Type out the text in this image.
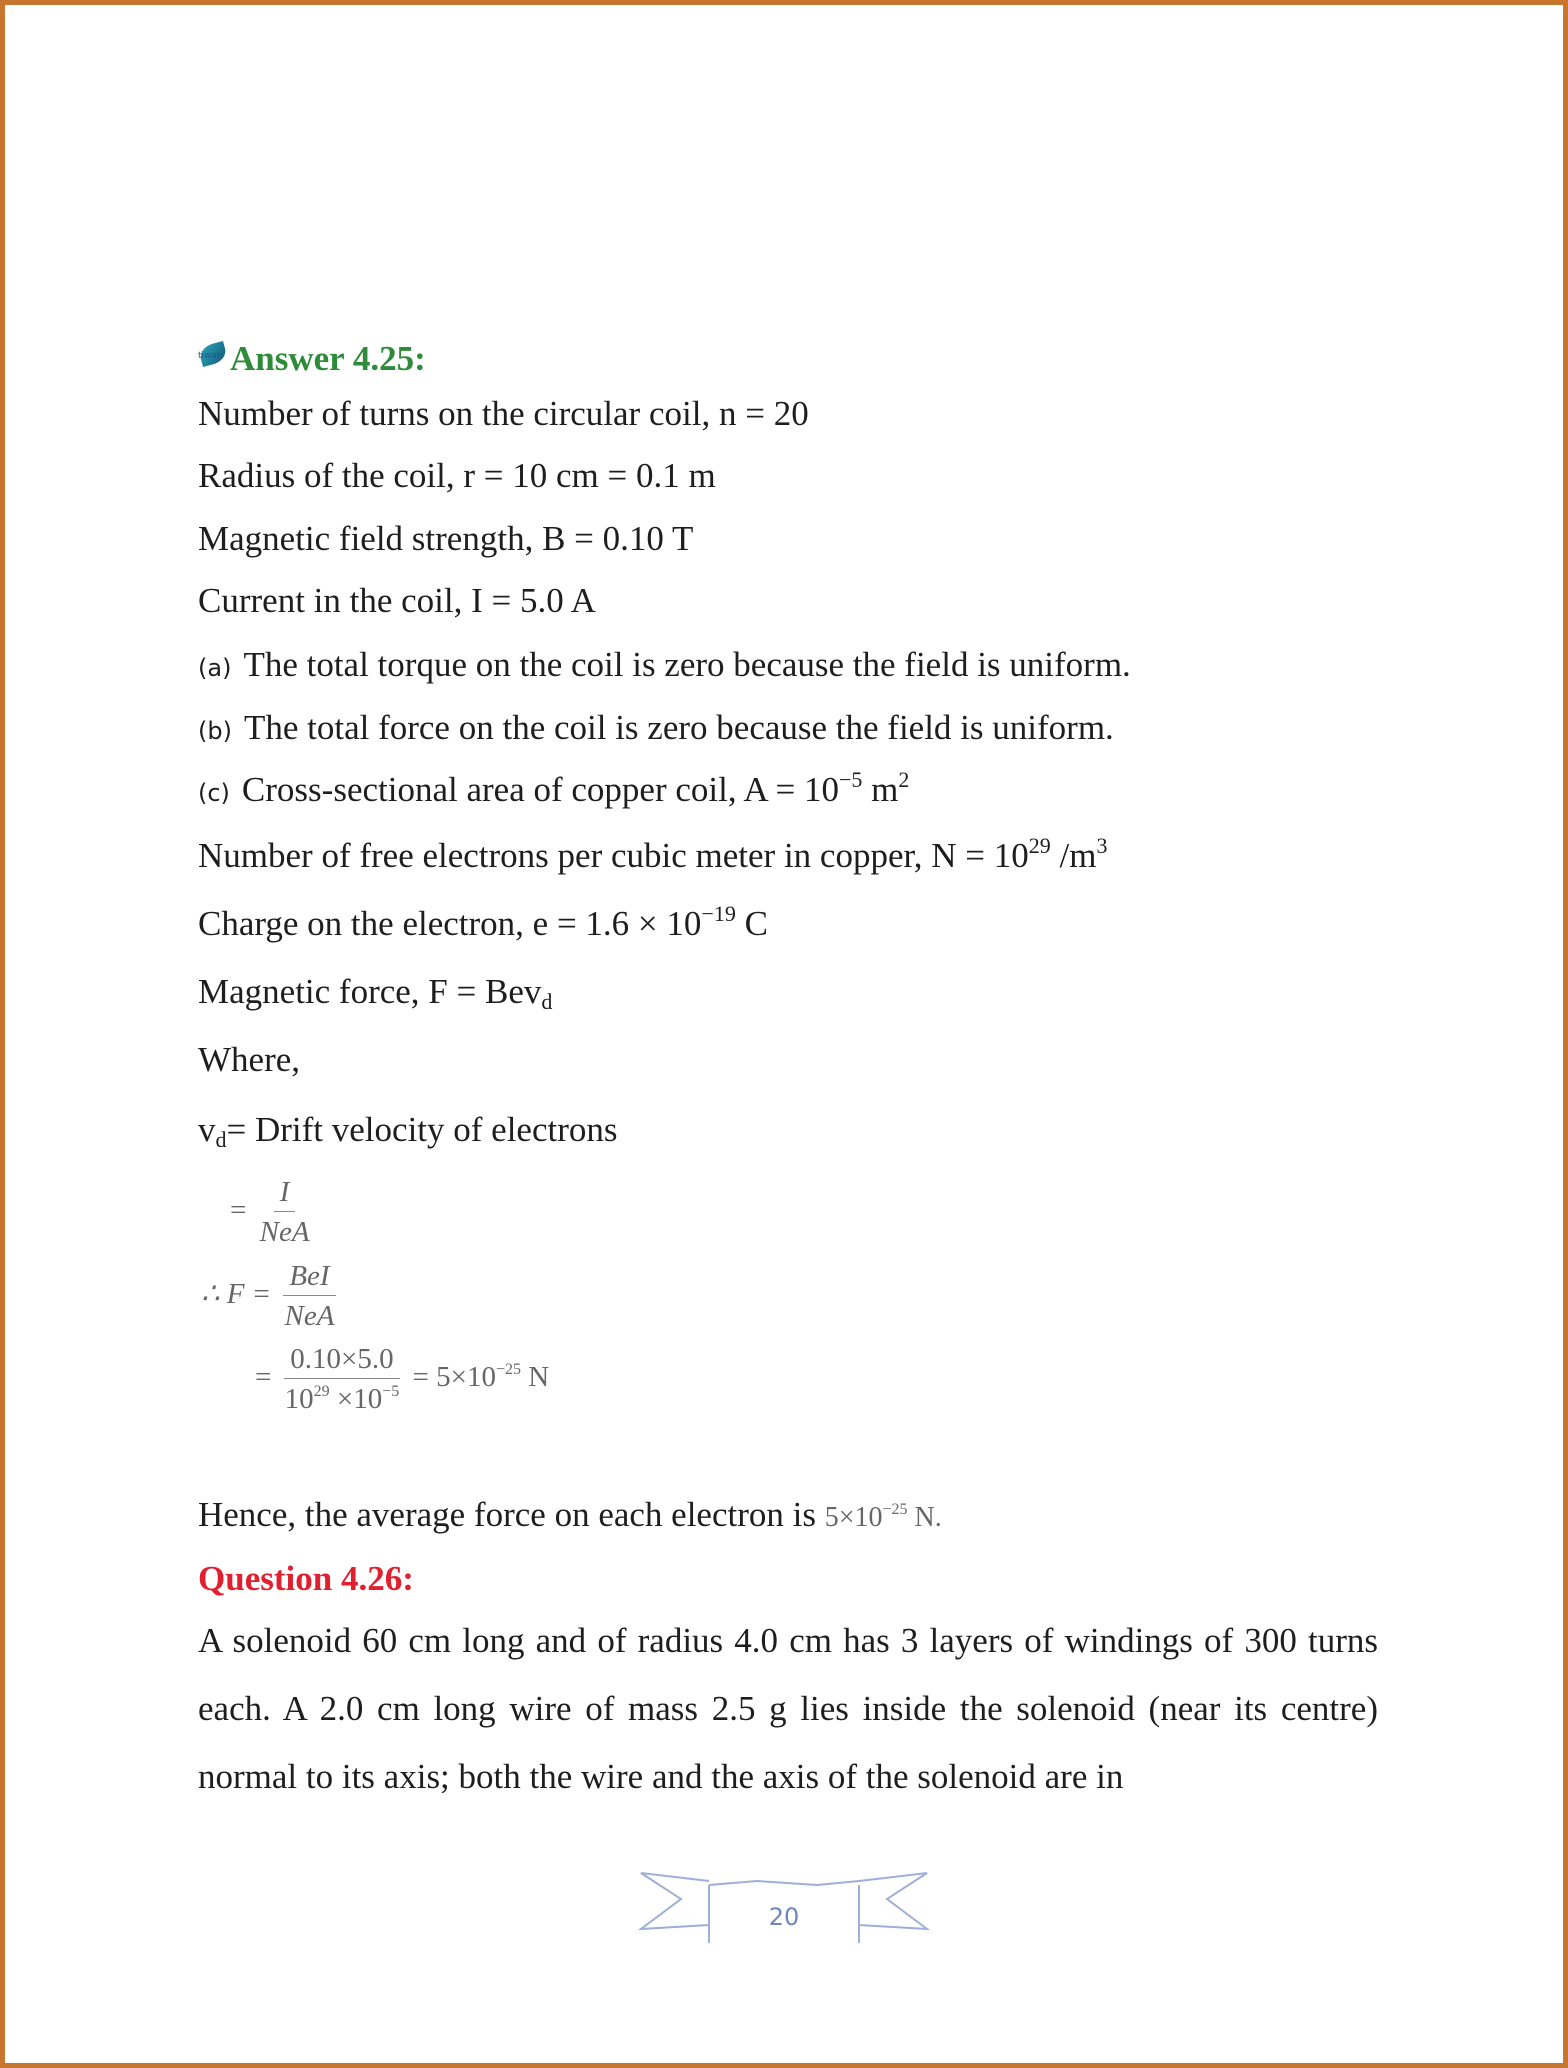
tiwari Answer 4.25:
Number of turns on the circular coil, n = 20
Radius of the coil, r = 10 cm = 0.1 m
Magnetic field strength, B = 0.10 T
Current in the coil, I = 5.0 A
(a) The total torque on the coil is zero because the field is uniform.
(b) The total force on the coil is zero because the field is uniform.
(c) Cross-sectional area of copper coil, $A = 10^{-5}$ $m^2$
Number of free electrons per cubic meter in copper, $N = 10^{29}$ $/m^3$
Charge on the electron, $e = 1.6 \times 10^{-19}$ C
Magnetic force, F = Bev$_d$
Where,
$v_d=$ Drift velocity of electrons
= $\frac{I}{\text{NeA}}$
∴ $F = \frac{\text{BeI}}{\text{NeA}}$
= $\frac{0.10\times 5.0}{10^{29} \times 10^{-5}} = 5\times 10^{-25}$ N
Hence, the average force on each electron is $5\times 10^{-25}$ N.
Question 4.26:
A solenoid 60 cm long and of radius 4.0 cm has 3 layers of windings of 300 turns each. A 2.0 cm long wire of mass 2.5 g lies inside the solenoid (near its centre) normal to its axis; both the wire and the axis of the solenoid are in
20
